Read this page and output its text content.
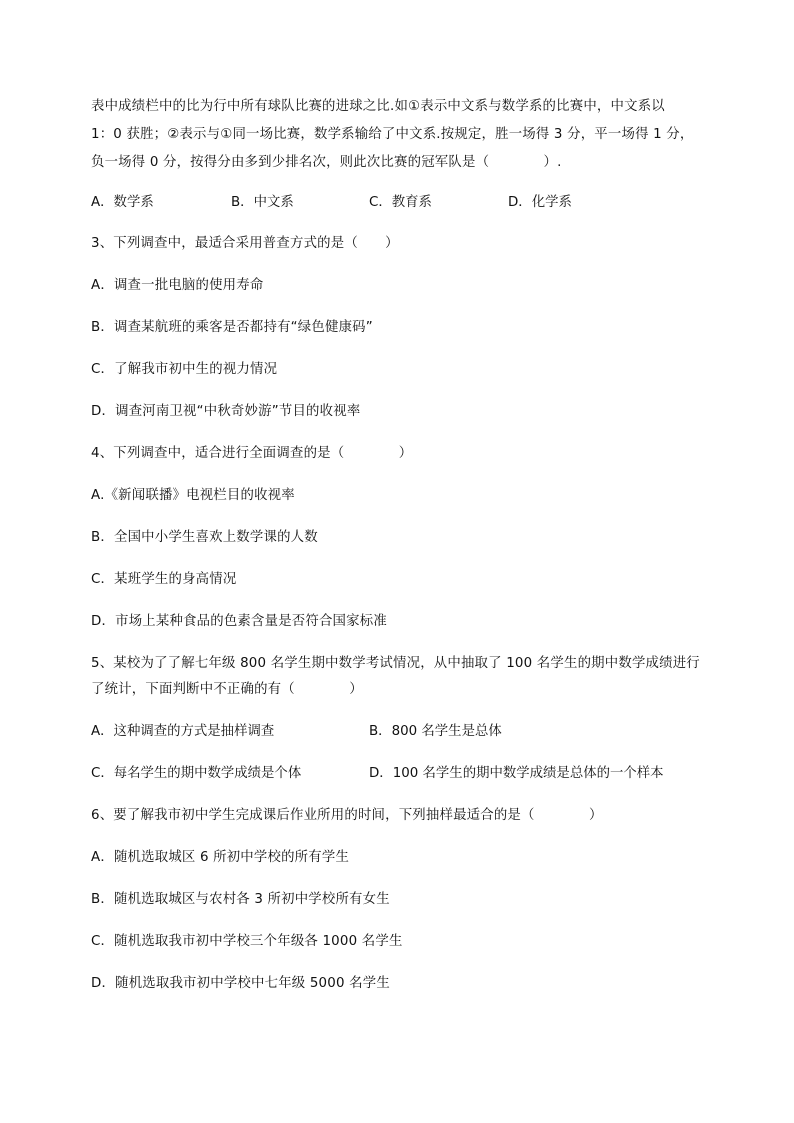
表中成绩栏中的比为行中所有球队比赛的进球之比.如①表示中文系与数学系的比赛中，中文系以
1：0 获胜；②表示与①同一场比赛，数学系输给了中文系.按规定，胜一场得 3 分，平一场得 1 分，
负一场得 0 分，按得分由多到少排名次，则此次比赛的冠军队是（　　　　）.
A．数学系	B．中文系	C．教育系	D．化学系
3、下列调查中，最适合采用普查方式的是（　　）
A．调查一批电脑的使用寿命
B．调查某航班的乘客是否都持有“绿色健康码”
C．了解我市初中生的视力情况
D．调查河南卫视“中秋奇妙游”节目的收视率
4、下列调查中，适合进行全面调查的是（　　　　）
A.《新闻联播》电视栏目的收视率
B．全国中小学生喜欢上数学课的人数
C．某班学生的身高情况
D．市场上某种食品的色素含量是否符合国家标准
5、某校为了了解七年级 800 名学生期中数学考试情况，从中抽取了 100 名学生的期中数学成绩进行
了统计，下面判断中不正确的有（　　　　）
A．这种调查的方式是抽样调查	B．800 名学生是总体
C．每名学生的期中数学成绩是个体	D．100 名学生的期中数学成绩是总体的一个样本
6、要了解我市初中学生完成课后作业所用的时间，下列抽样最适合的是（　　　　）
A．随机选取城区 6 所初中学校的所有学生
B．随机选取城区与农村各 3 所初中学校所有女生
C．随机选取我市初中学校三个年级各 1000 名学生
D．随机选取我市初中学校中七年级 5000 名学生
